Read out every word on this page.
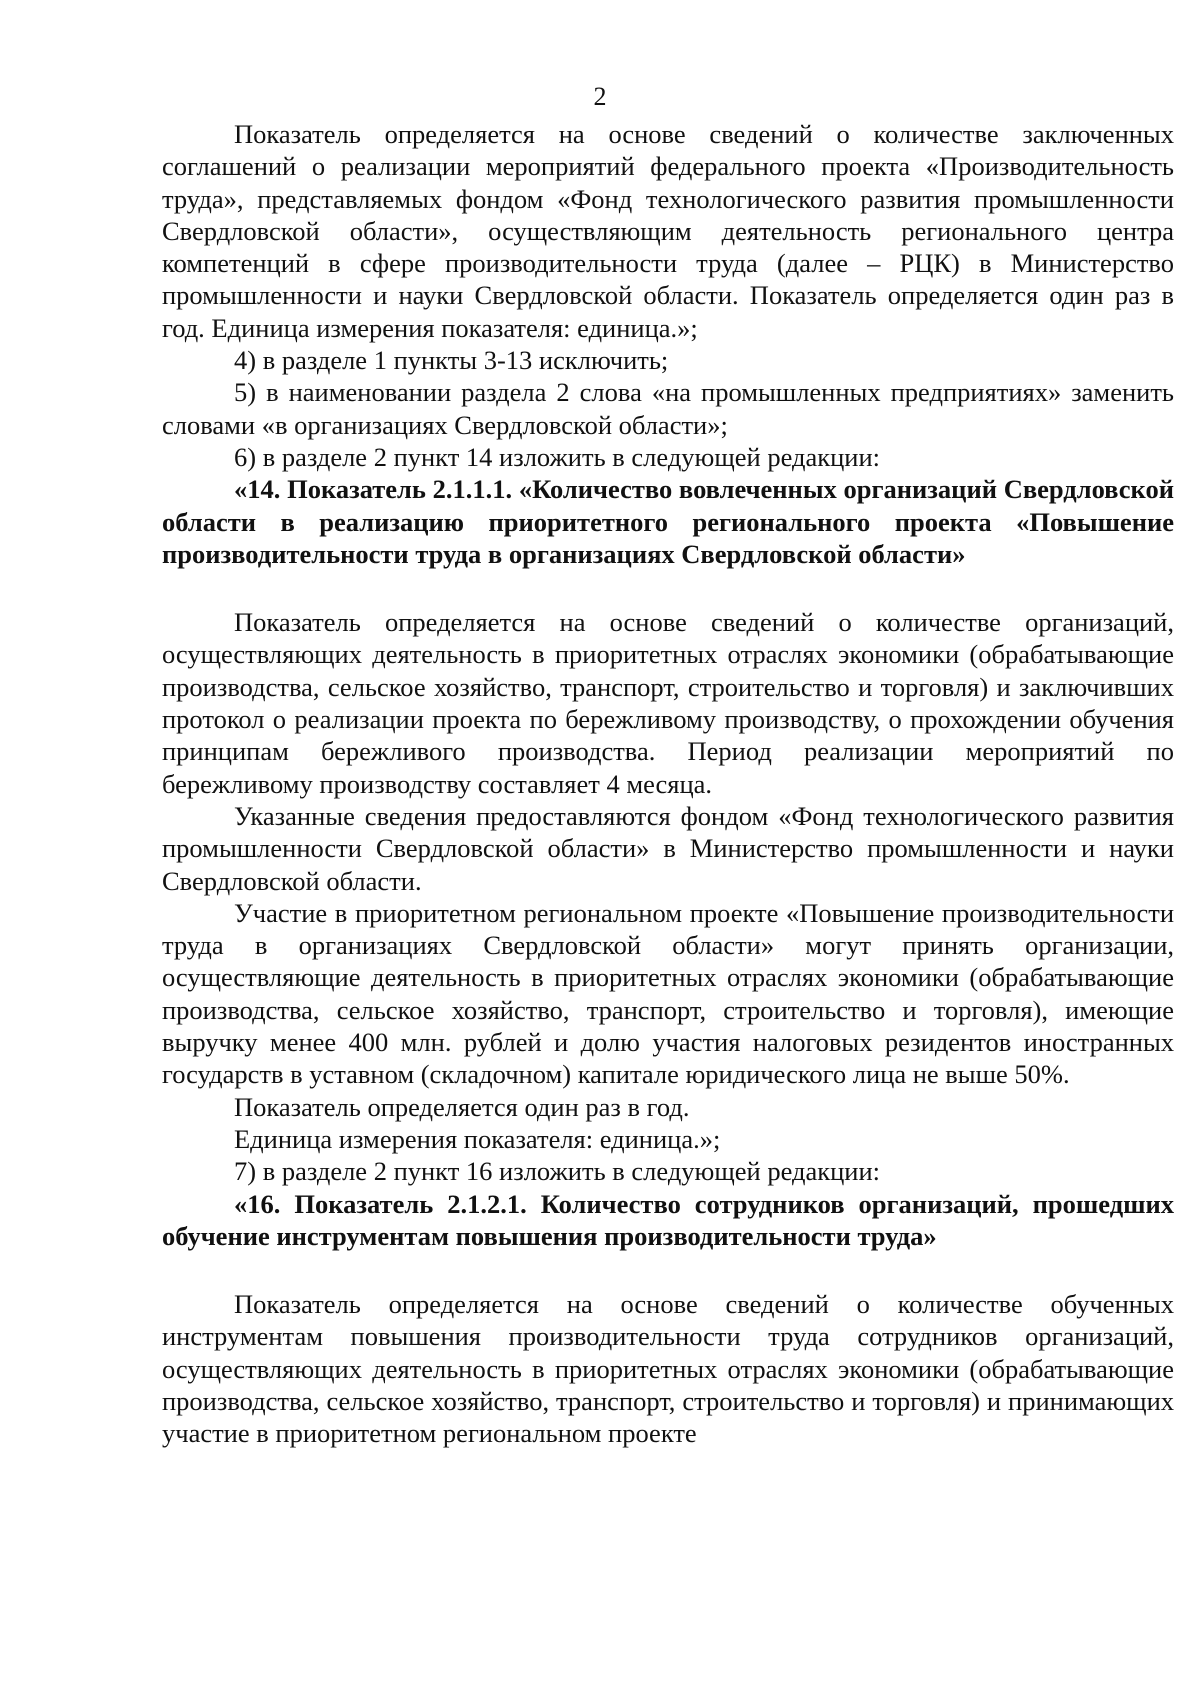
2

Показатель определяется на основе сведений о количестве заключенных соглашений о реализации мероприятий федерального проекта «Производительность труда», представляемых фондом «Фонд технологического развития промышленности Свердловской области», осуществляющим деятельность регионального центра компетенций в сфере производительности труда (далее – РЦК) в Министерство промышленности и науки Свердловской области. Показатель определяется один раз в год. Единица измерения показателя: единица.»;

4) в разделе 1 пункты 3-13 исключить;

5) в наименовании раздела 2 слова «на промышленных предприятиях» заменить словами «в организациях Свердловской области»;

6) в разделе 2 пункт 14 изложить в следующей редакции:

«14. Показатель 2.1.1.1. «Количество вовлеченных организаций Свердловской области в реализацию приоритетного регионального проекта «Повышение производительности труда в организациях Свердловской области»

Показатель определяется на основе сведений о количестве организаций, осуществляющих деятельность в приоритетных отраслях экономики (обрабатывающие производства, сельское хозяйство, транспорт, строительство и торговля) и заключивших протокол о реализации проекта по бережливому производству, о прохождении обучения принципам бережливого производства. Период реализации мероприятий по бережливому производству составляет 4 месяца.

Указанные сведения предоставляются фондом «Фонд технологического развития промышленности Свердловской области» в Министерство промышленности и науки Свердловской области.

Участие в приоритетном региональном проекте «Повышение производительности труда в организациях Свердловской области» могут принять организации, осуществляющие деятельность в приоритетных отраслях экономики (обрабатывающие производства, сельское хозяйство, транспорт, строительство и торговля), имеющие выручку менее 400 млн. рублей и долю участия налоговых резидентов иностранных государств в уставном (складочном) капитале юридического лица не выше 50%.

Показатель определяется один раз в год.

Единица измерения показателя: единица.»;

7) в разделе 2 пункт 16 изложить в следующей редакции:

«16. Показатель 2.1.2.1. Количество сотрудников организаций, прошедших обучение инструментам повышения производительности труда»

Показатель определяется на основе сведений о количестве обученных инструментам повышения производительности труда сотрудников организаций, осуществляющих деятельность в приоритетных отраслях экономики (обрабатывающие производства, сельское хозяйство, транспорт, строительство и торговля) и принимающих участие в приоритетном региональном проекте
